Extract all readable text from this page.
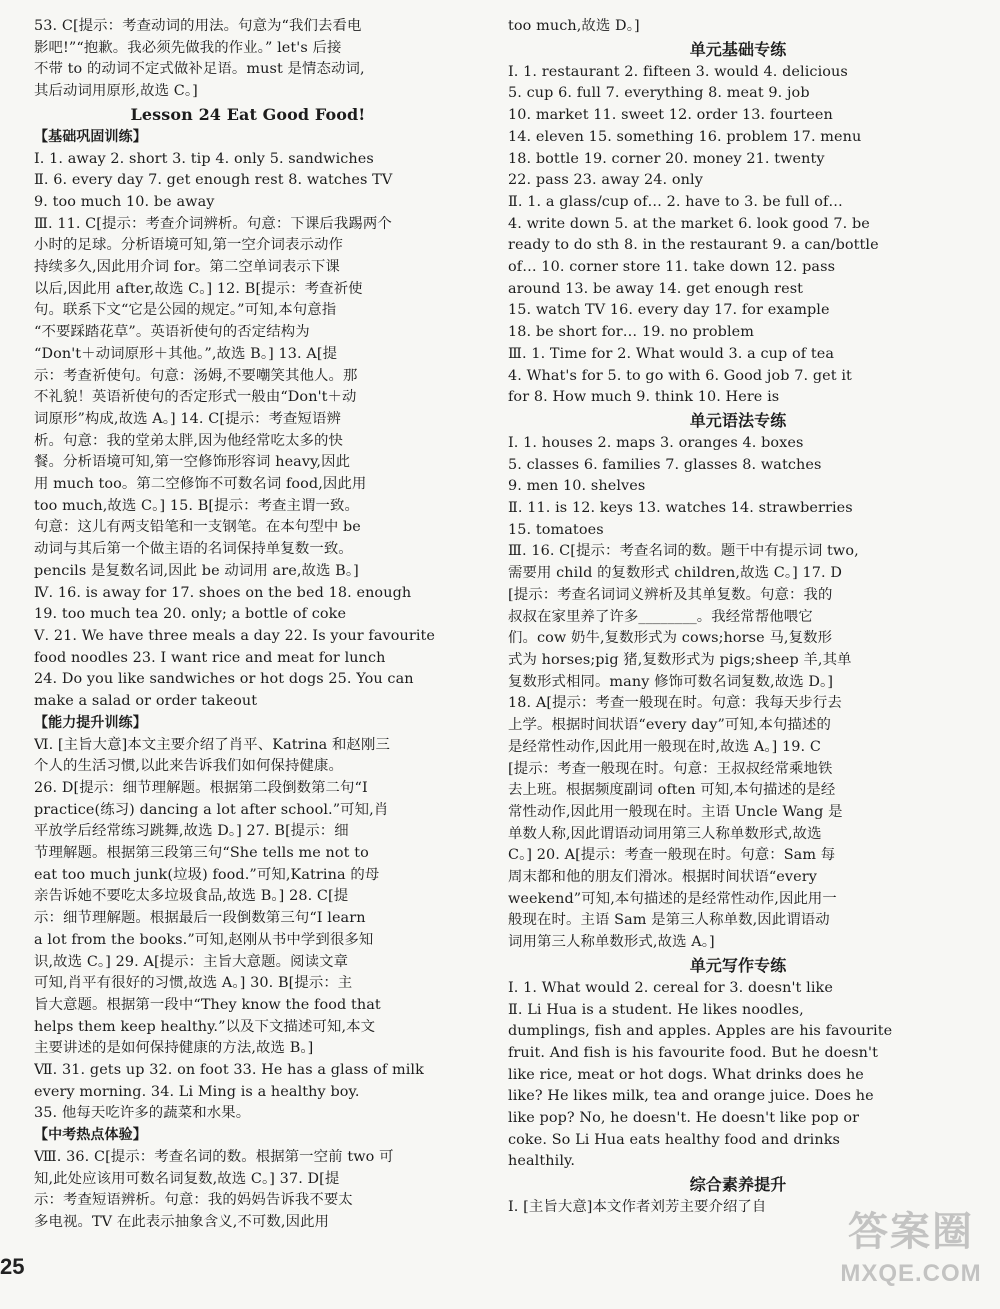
53. C[提示：考查动词的用法。句意为“我们去看电

影吧!”“抱歉。我必须先做我的作业。” let's 后接

不带 to 的动词不定式做补足语。must 是情态动词,

其后动词用原形,故选 C。]

Lesson 24 Eat Good Food!

【基础巩固训练】

Ⅰ. 1. away 2. short 3. tip 4. only 5. sandwiches

Ⅱ. 6. every day 7. get enough rest 8. watches TV

9. too much 10. be away

Ⅲ. 11. C[提示：考查介词辨析。句意：下课后我踢两个

小时的足球。分析语境可知,第一空介词表示动作

持续多久,因此用介词 for。第二空单词表示下课

以后,因此用 after,故选 C。] 12. B[提示：考查祈使

句。联系下文“它是公园的规定。”可知,本句意指

“不要踩踏花草”。英语祈使句的否定结构为

“Don't＋动词原形＋其他。”,故选 B。] 13. A[提

示：考查祈使句。句意：汤姆,不要嘲笑其他人。那

不礼貌！英语祈使句的否定形式一般由“Don't＋动

词原形”构成,故选 A。] 14. C[提示：考查短语辨

析。句意：我的堂弟太胖,因为他经常吃太多的快

餐。分析语境可知,第一空修饰形容词 heavy,因此

用 much too。第二空修饰不可数名词 food,因此用

too much,故选 C。] 15. B[提示：考查主谓一致。

句意：这儿有两支铅笔和一支钢笔。在本句型中 be

动词与其后第一个做主语的名词保持单复数一致。

pencils 是复数名词,因此 be 动词用 are,故选 B。]

Ⅳ. 16. is away for 17. shoes on the bed 18. enough

19. too much tea 20. only; a bottle of coke

Ⅴ. 21. We have three meals a day 22. Is your favourite

food noodles 23. I want rice and meat for lunch

24. Do you like sandwiches or hot dogs 25. You can

make a salad or order takeout

【能力提升训练】

Ⅵ. [主旨大意]本文主要介绍了肖平、Katrina 和赵刚三

个人的生活习惯,以此来告诉我们如何保持健康。

26. D[提示：细节理解题。根据第二段倒数第二句“I

practice(练习) dancing a lot after school.”可知,肖

平放学后经常练习跳舞,故选 D。] 27. B[提示：细

节理解题。根据第三段第三句“She tells me not to

eat too much junk(垃圾) food.”可知,Katrina 的母

亲告诉她不要吃太多垃圾食品,故选 B。] 28. C[提

示：细节理解题。根据最后一段倒数第三句“I learn

a lot from the books.”可知,赵刚从书中学到很多知

识,故选 C。] 29. A[提示：主旨大意题。阅读文章

可知,肖平有很好的习惯,故选 A。] 30. B[提示：主

旨大意题。根据第一段中“They know the food that

helps them keep healthy.”以及下文描述可知,本文

主要讲述的是如何保持健康的方法,故选 B。]

Ⅶ. 31. gets up 32. on foot 33. He has a glass of milk

every morning. 34. Li Ming is a healthy boy.

35. 他每天吃许多的蔬菜和水果。

【中考热点体验】

Ⅷ. 36. C[提示：考查名词的数。根据第一空前 two 可

知,此处应该用可数名词复数,故选 C。] 37. D[提

示：考查短语辨析。句意：我的妈妈告诉我不要太

多电视。TV 在此表示抽象含义,不可数,因此用

too much,故选 D。]

单元基础专练

Ⅰ. 1. restaurant 2. fifteen 3. would 4. delicious

5. cup 6. full 7. everything 8. meat 9. job

10. market 11. sweet 12. order 13. fourteen

14. eleven 15. something 16. problem 17. menu

18. bottle 19. corner 20. money 21. twenty

22. pass 23. away 24. only

Ⅱ. 1. a glass/cup of… 2. have to 3. be full of…

4. write down 5. at the market 6. look good 7. be

ready to do sth 8. in the restaurant 9. a can/bottle

of… 10. corner store 11. take down 12. pass

around 13. be away 14. get enough rest

15. watch TV 16. every day 17. for example

18. be short for… 19. no problem

Ⅲ. 1. Time for 2. What would 3. a cup of tea

4. What's for 5. to go with 6. Good job 7. get it

for 8. How much 9. think 10. Here is

单元语法专练

Ⅰ. 1. houses 2. maps 3. oranges 4. boxes

5. classes 6. families 7. glasses 8. watches

9. men 10. shelves

Ⅱ. 11. is 12. keys 13. watches 14. strawberries

15. tomatoes

Ⅲ. 16. C[提示：考查名词的数。题干中有提示词 two,

需要用 child 的复数形式 children,故选 C。] 17. D

[提示：考查名词词义辨析及其单复数。句意：我的

叔叔在家里养了许多________。我经常帮他喂它

们。cow 奶牛,复数形式为 cows;horse 马,复数形

式为 horses;pig 猪,复数形式为 pigs;sheep 羊,其单

复数形式相同。many 修饰可数名词复数,故选 D。]

18. A[提示：考查一般现在时。句意：我每天步行去

上学。根据时间状语“every day”可知,本句描述的

是经常性动作,因此用一般现在时,故选 A。] 19. C

[提示：考查一般现在时。句意：王叔叔经常乘地铁

去上班。根据频度副词 often 可知,本句描述的是经

常性动作,因此用一般现在时。主语 Uncle Wang 是

单数人称,因此谓语动词用第三人称单数形式,故选

C。] 20. A[提示：考查一般现在时。句意：Sam 每

周末都和他的朋友们滑冰。根据时间状语“every

weekend”可知,本句描述的是经常性动作,因此用一

般现在时。主语 Sam 是第三人称单数,因此谓语动

词用第三人称单数形式,故选 A。]

单元写作专练

Ⅰ. 1. What would 2. cereal for 3. doesn't like

Ⅱ. Li Hua is a student. He likes noodles,

dumplings, fish and apples. Apples are his favourite

fruit. And fish is his favourite food. But he doesn't

like rice, meat or hot dogs. What drinks does he

like? He likes milk, tea and orange juice. Does he

like pop? No, he doesn't. He doesn't like pop or

coke. So Li Hua eats healthy food and drinks

healthily.

综合素养提升

Ⅰ. [主旨大意]本文作者刘芳主要介绍了自

25
答案圈
MXQE.COM
